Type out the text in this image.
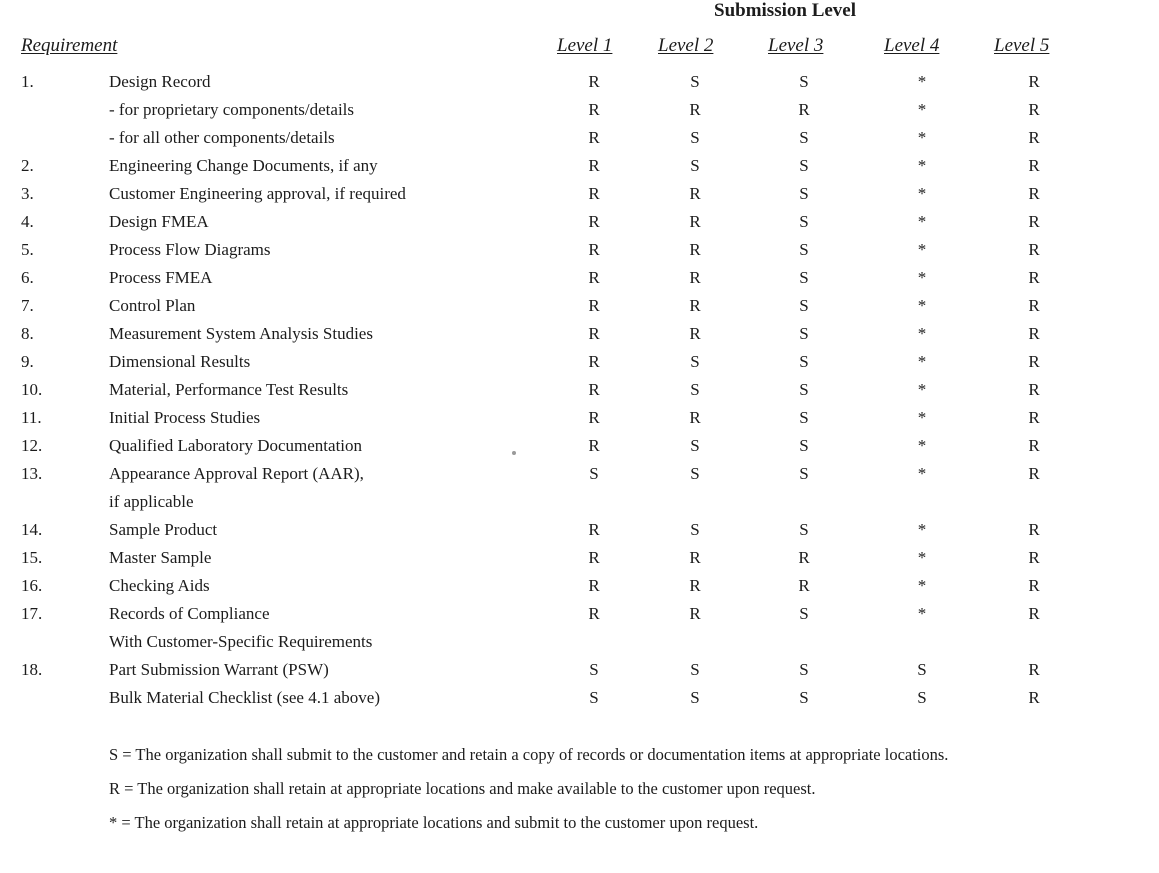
Submission Level
Requirement	Level 1 Level 2	Level 3	Level 4	Level 5
1.	Design Record	R	S	S	*	R
- for proprietary components/details	R	R	R	*	R
- for all other components/details	R	S	S	*	R
2.	Engineering Change Documents, if any	R	S	S	*	R
3.	Customer Engineering approval, if required	R	R	S	*	R
4.	Design FMEA	R	R	S	*	R
5.	Process Flow Diagrams	R	R	S	*	R
6.	Process FMEA	R	R	S	*	R
7.	Control Plan	R	R	S	*	R
8.	Measurement System Analysis Studies	R	R	S	*	R
9.	Dimensional Results	R	S	S	*	R
10.	Material, Performance Test Results	R	S	S	*	R
11.	Initial Process Studies	R	R	S	*	R
12.	Qualified Laboratory Documentation	R	S	S	*	R
13.	Appearance Approval Report (AAR),
if applicable
S	S	S	*	R
14.	Sample Product	R	S	S	*	R
15.	Master Sample	R	R	R	*	R
16.	Checking Aids	R	R	R	*	R
17.	Records of Compliance
With Customer-Specific Requirements
R	R	S	*	R
18.	Part Submission Warrant (PSW)	S	S	S	S	R
Bulk Material Checklist (see 4.1 above)	S	S	S	S	R

S = The organization shall submit to the customer and retain a copy of records or documentation items at appropriate locations.

R = The organization shall retain at appropriate locations and make available to the customer upon request.

* = The organization shall retain at appropriate locations and submit to the customer upon request.
